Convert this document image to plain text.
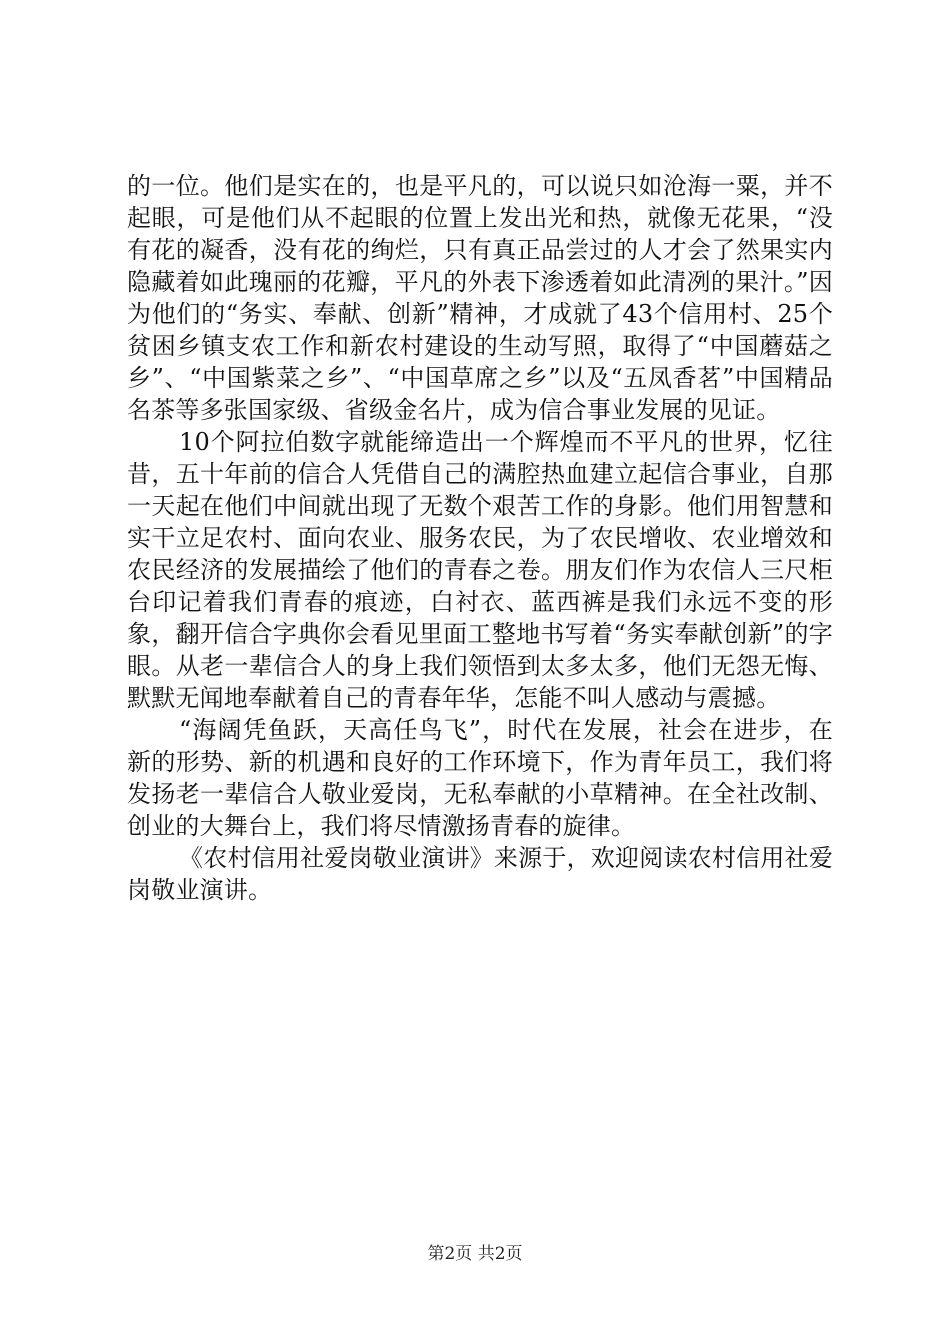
的一位。他们是实在的，也是平凡的，可以说只如沧海一粟，并不起眼，可是他们从不起眼的位置上发出光和热，就像无花果，“没有花的凝香，没有花的绚烂，只有真正品尝过的人才会了然果实内隐藏着如此瑰丽的花瓣，平凡的外表下渗透着如此清冽的果汁。”因为他们的“务实、奉献、创新”精神，才成就了43个信用村、25个贫困乡镇支农工作和新农村建设的生动写照，取得了“中国蘑菇之乡”、“中国紫菜之乡”、“中国草席之乡”以及“五凤香茗”中国精品名茶等多张国家级、省级金名片，成为信合事业发展的见证。

10个阿拉伯数字就能缔造出一个辉煌而不平凡的世界，忆往昔，五十年前的信合人凭借自己的满腔热血建立起信合事业，自那一天起在他们中间就出现了无数个艰苦工作的身影。他们用智慧和实干立足农村、面向农业、服务农民，为了农民增收、农业增效和农民经济的发展描绘了他们的青春之卷。朋友们作为农信人三尺柜台印记着我们青春的痕迹，白衬衣、蓝西裤是我们永远不变的形象，翻开信合字典你会看见里面工整地书写着“务实奉献创新”的字眼。从老一辈信合人的身上我们领悟到太多太多，他们无怨无悔、默默无闻地奉献着自己的青春年华，怎能不叫人感动与震撼。

“海阔凭鱼跃，天高任鸟飞”，时代在发展，社会在进步，在新的形势、新的机遇和良好的工作环境下，作为青年员工，我们将发扬老一辈信合人敬业爱岗，无私奉献的小草精神。在全社改制、创业的大舞台上，我们将尽情激扬青春的旋律。

《农村信用社爱岗敬业演讲》来源于，欢迎阅读农村信用社爱岗敬业演讲。

第2页 共2页
